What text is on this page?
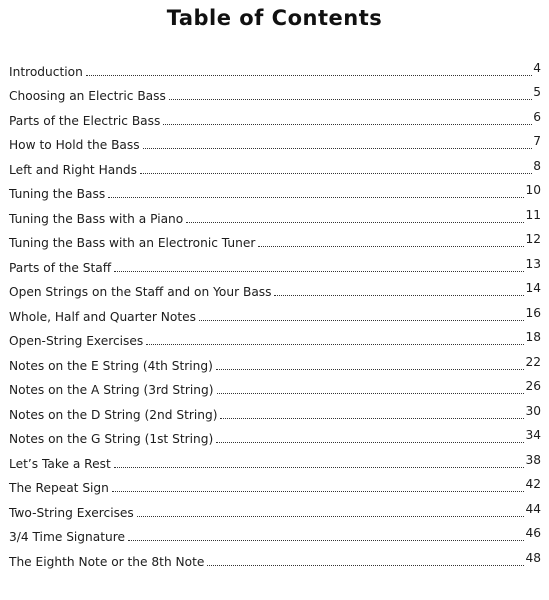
Table of Contents
Introduction	4
Choosing an Electric Bass	5
Parts of the Electric Bass	6
How to Hold the Bass	7
Left and Right Hands	8
Tuning the Bass	10
Tuning the Bass with a Piano	11
Tuning the Bass with an Electronic Tuner	12
Parts of the Staff	13
Open Strings on the Staff and on Your Bass	14
Whole, Half and Quarter Notes	16
Open-String Exercises	18
Notes on the E String (4th String)	22
Notes on the A String (3rd String)	26
Notes on the D String (2nd String)	30
Notes on the G String (1st String)	34
Let’s Take a Rest	38
The Repeat Sign	42
Two-String Exercises	44
3/4 Time Signature	46
The Eighth Note or the 8th Note	48
